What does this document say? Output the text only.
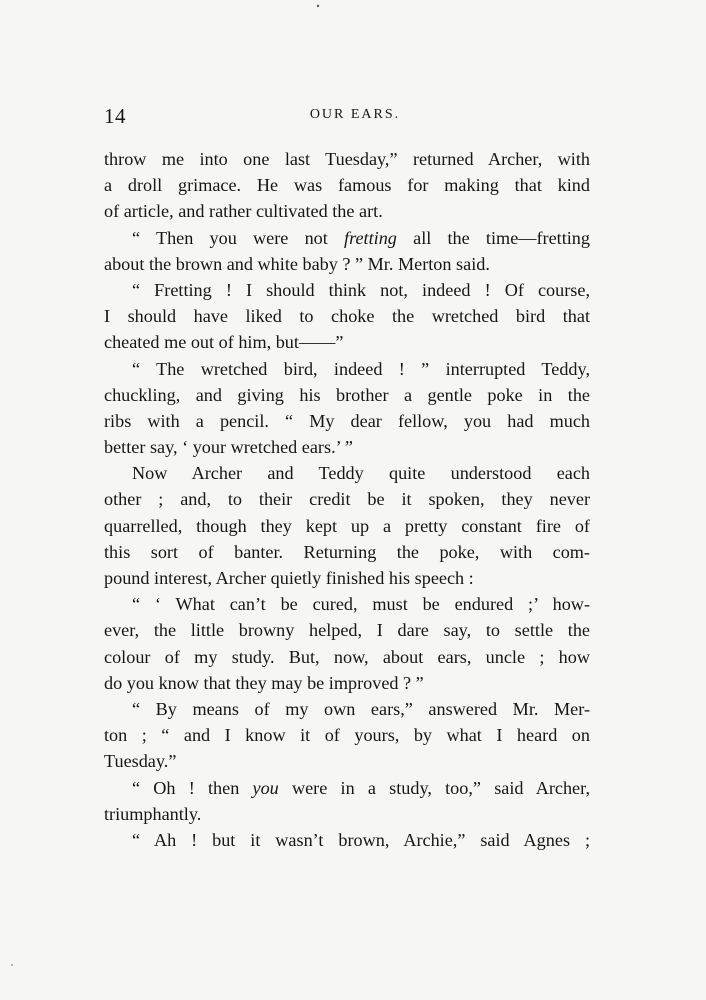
14	OUR EARS.
throw me into one last Tuesday,” returned Archer, with
a droll grimace. He was famous for making that kind
of article, and rather cultivated the art.
“ Then you were not fretting all the time—fretting
about the brown and white baby ? ” Mr. Merton said.
“ Fretting ! I should think not, indeed ! Of course,
I should have liked to choke the wretched bird that
cheated me out of him, but——”
“ The wretched bird, indeed ! ” interrupted Teddy,
chuckling, and giving his brother a gentle poke in the
ribs with a pencil. “ My dear fellow, you had much
better say, ‘ your wretched ears.’ ”
Now Archer and Teddy quite understood each
other ; and, to their credit be it spoken, they never
quarrelled, though they kept up a pretty constant fire of
this sort of banter. Returning the poke, with com-
pound interest, Archer quietly finished his speech :
“ ‘ What can’t be cured, must be endured ;’ how-
ever, the little browny helped, I dare say, to settle the
colour of my study. But, now, about ears, uncle ; how
do you know that they may be improved ? ”
“ By means of my own ears,” answered Mr. Mer-
ton ; “ and I know it of yours, by what I heard on
Tuesday.”
“ Oh ! then you were in a study, too,” said Archer,
triumphantly.
“ Ah ! but it wasn’t brown, Archie,” said Agnes ;
